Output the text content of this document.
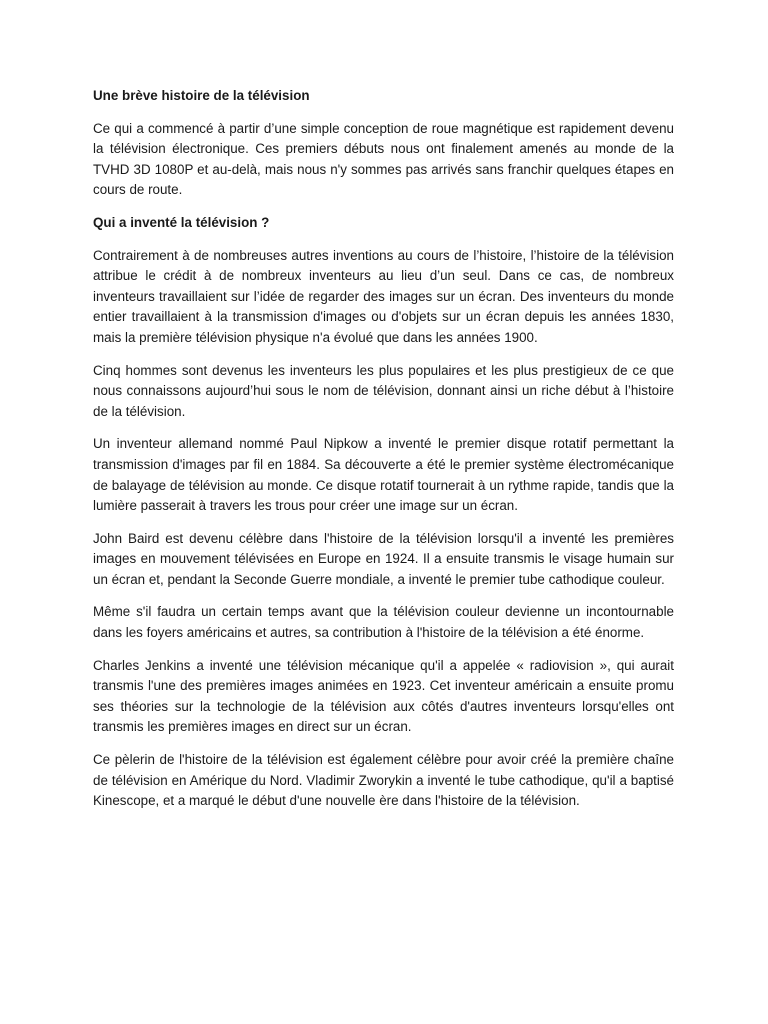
Une brève histoire de la télévision

Ce qui a commencé à partir d’une simple conception de roue magnétique est rapidement devenu la télévision électronique. Ces premiers débuts nous ont finalement amenés au monde de la TVHD 3D 1080P et au-delà, mais nous n'y sommes pas arrivés sans franchir quelques étapes en cours de route.

Qui a inventé la télévision ?

Contrairement à de nombreuses autres inventions au cours de l’histoire, l’histoire de la télévision attribue le crédit à de nombreux inventeurs au lieu d’un seul. Dans ce cas, de nombreux inventeurs travaillaient sur l’idée de regarder des images sur un écran. Des inventeurs du monde entier travaillaient à la transmission d'images ou d'objets sur un écran depuis les années 1830, mais la première télévision physique n'a évolué que dans les années 1900.

Cinq hommes sont devenus les inventeurs les plus populaires et les plus prestigieux de ce que nous connaissons aujourd’hui sous le nom de télévision, donnant ainsi un riche début à l’histoire de la télévision.

Un inventeur allemand nommé Paul Nipkow a inventé le premier disque rotatif permettant la transmission d'images par fil en 1884. Sa découverte a été le premier système électromécanique de balayage de télévision au monde. Ce disque rotatif tournerait à un rythme rapide, tandis que la lumière passerait à travers les trous pour créer une image sur un écran.

John Baird est devenu célèbre dans l'histoire de la télévision lorsqu'il a inventé les premières images en mouvement télévisées en Europe en 1924. Il a ensuite transmis le visage humain sur un écran et, pendant la Seconde Guerre mondiale, a inventé le premier tube cathodique couleur.

Même s'il faudra un certain temps avant que la télévision couleur devienne un incontournable dans les foyers américains et autres, sa contribution à l'histoire de la télévision a été énorme.

Charles Jenkins a inventé une télévision mécanique qu'il a appelée « radiovision », qui aurait transmis l'une des premières images animées en 1923. Cet inventeur américain a ensuite promu ses théories sur la technologie de la télévision aux côtés d'autres inventeurs lorsqu'elles ont transmis les premières images en direct sur un écran.

Ce pèlerin de l'histoire de la télévision est également célèbre pour avoir créé la première chaîne de télévision en Amérique du Nord. Vladimir Zworykin a inventé le tube cathodique, qu'il a baptisé Kinescope, et a marqué le début d'une nouvelle ère dans l'histoire de la télévision.
